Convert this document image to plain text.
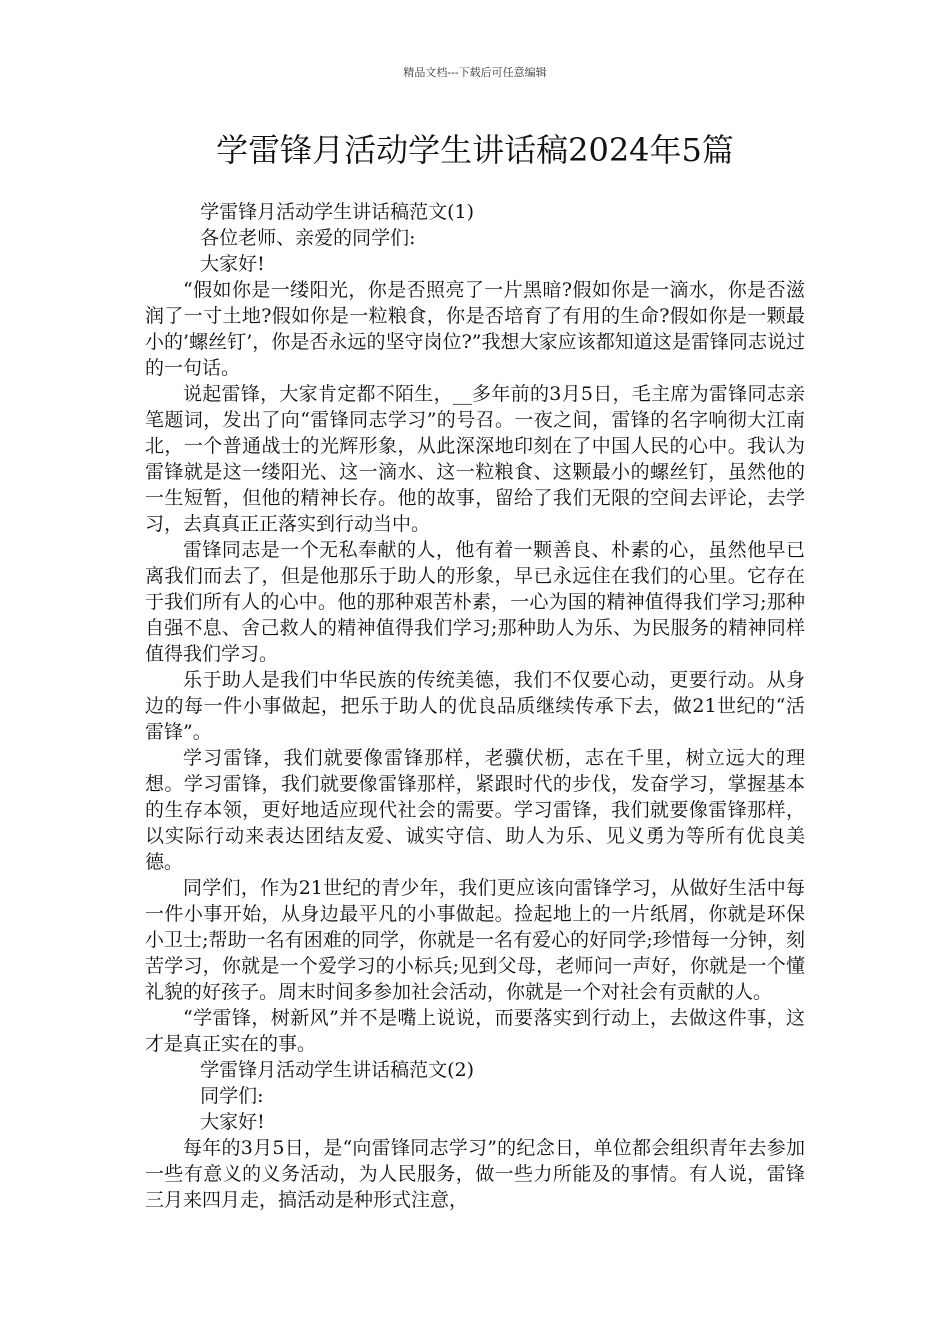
精品文档---下载后可任意编辑
学雷锋月活动学生讲话稿2024年5篇

学雷锋月活动学生讲话稿范文(1)

各位老师、亲爱的同学们:

大家好!

“假如你是一缕阳光，你是否照亮了一片黑暗?假如你是一滴水，你是否滋润了一寸土地?假如你是一粒粮食，你是否培育了有用的生命?假如你是一颗最小的’螺丝钉’，你是否永远的坚守岗位?”我想大家应该都知道这是雷锋同志说过的一句话。

说起雷锋，大家肯定都不陌生，__多年前的3月5日，毛主席为雷锋同志亲笔题词，发出了向“雷锋同志学习”的号召。一夜之间，雷锋的名字响彻大江南北，一个普通战士的光辉形象，从此深深地印刻在了中国人民的心中。我认为雷锋就是这一缕阳光、这一滴水、这一粒粮食、这颗最小的螺丝钉，虽然他的一生短暂，但他的精神长存。他的故事，留给了我们无限的空间去评论，去学习，去真真正正落实到行动当中。

雷锋同志是一个无私奉献的人，他有着一颗善良、朴素的心，虽然他早已离我们而去了，但是他那乐于助人的形象，早已永远住在我们的心里。它存在于我们所有人的心中。他的那种艰苦朴素，一心为国的精神值得我们学习;那种自强不息、舍己救人的精神值得我们学习;那种助人为乐、为民服务的精神同样值得我们学习。

乐于助人是我们中华民族的传统美德，我们不仅要心动，更要行动。从身边的每一件小事做起，把乐于助人的优良品质继续传承下去，做21世纪的“活雷锋”。

学习雷锋，我们就要像雷锋那样，老骥伏枥，志在千里，树立远大的理想。学习雷锋，我们就要像雷锋那样，紧跟时代的步伐，发奋学习，掌握基本的生存本领，更好地适应现代社会的需要。学习雷锋，我们就要像雷锋那样，以实际行动来表达团结友爱、诚实守信、助人为乐、见义勇为等所有优良美德。

同学们，作为21世纪的青少年，我们更应该向雷锋学习，从做好生活中每一件小事开始，从身边最平凡的小事做起。捡起地上的一片纸屑，你就是环保小卫士;帮助一名有困难的同学，你就是一名有爱心的好同学;珍惜每一分钟，刻苦学习，你就是一个爱学习的小标兵;见到父母，老师问一声好，你就是一个懂礼貌的好孩子。周末时间多参加社会活动，你就是一个对社会有贡献的人。

“学雷锋，树新风”并不是嘴上说说，而要落实到行动上，去做这件事，这才是真正实在的事。

学雷锋月活动学生讲话稿范文(2)

同学们:

大家好!

每年的3月5日，是“向雷锋同志学习”的纪念日，单位都会组织青年去参加一些有意义的义务活动，为人民服务，做一些力所能及的事情。有人说，雷锋三月来四月走，搞活动是种形式注意，
